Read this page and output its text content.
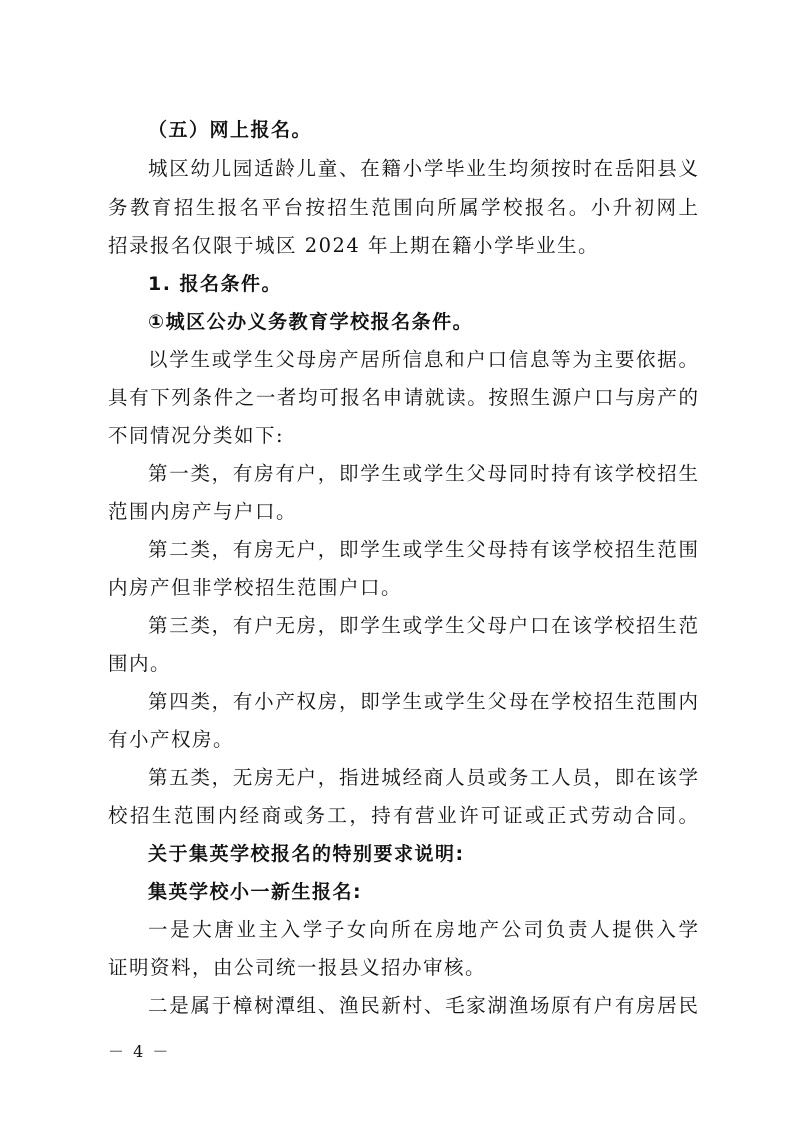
（五）网上报名。
城区幼儿园适龄儿童、在籍小学毕业生均须按时在岳阳县义
务教育招生报名平台按招生范围向所属学校报名。小升初网上
招录报名仅限于城区 2024 年上期在籍小学毕业生。
1. 报名条件。
①城区公办义务教育学校报名条件。
以学生或学生父母房产居所信息和户口信息等为主要依据。
具有下列条件之一者均可报名申请就读。按照生源户口与房产的
不同情况分类如下:
第一类，有房有户，即学生或学生父母同时持有该学校招生
范围内房产与户口。
第二类，有房无户，即学生或学生父母持有该学校招生范围
内房产但非学校招生范围户口。
第三类，有户无房，即学生或学生父母户口在该学校招生范
围内。
第四类，有小产权房，即学生或学生父母在学校招生范围内
有小产权房。
第五类，无房无户，指进城经商人员或务工人员，即在该学
校招生范围内经商或务工，持有营业许可证或正式劳动合同。
关于集英学校报名的特别要求说明:
集英学校小一新生报名:
一是大唐业主入学子女向所在房地产公司负责人提供入学
证明资料，由公司统一报县义招办审核。
二是属于樟树潭组、渔民新村、毛家湖渔场原有户有房居民
－ 4 －
